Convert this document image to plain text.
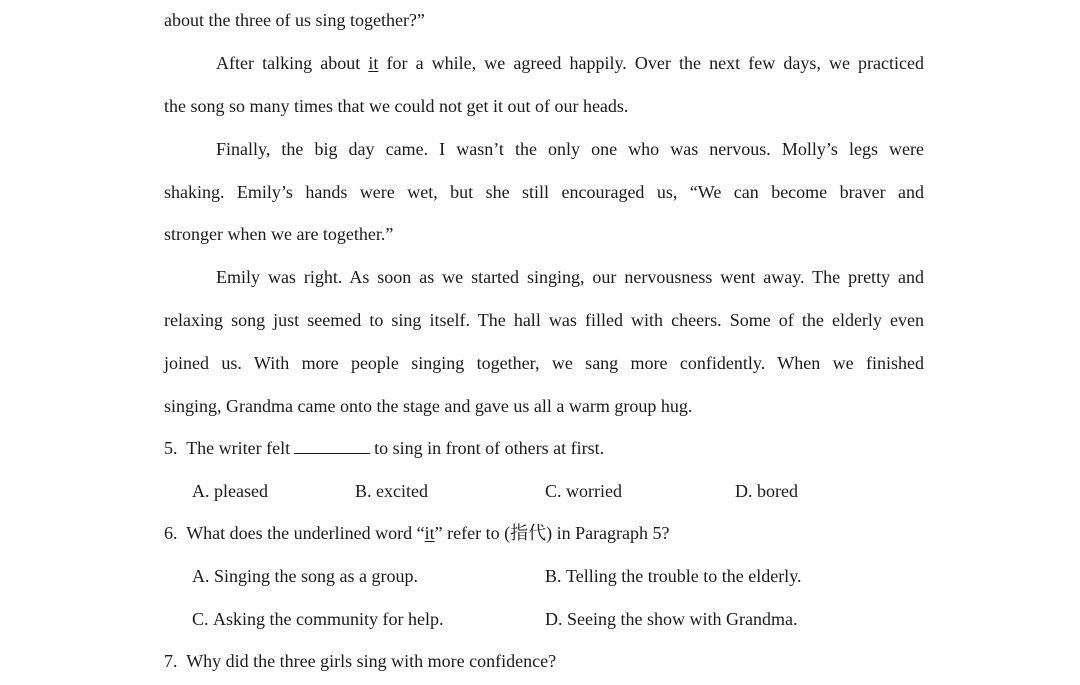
about the three of us sing together?”
After talking about it for a while, we agreed happily. Over the next few days, we practiced
the song so many times that we could not get it out of our heads.
Finally, the big day came. I wasn’t the only one who was nervous. Molly’s legs were
shaking. Emily’s hands were wet, but she still encouraged us, “We can become braver and
stronger when we are together.”
Emily was right. As soon as we started singing, our nervousness went away. The pretty and
relaxing song just seemed to sing itself. The hall was filled with cheers. Some of the elderly even
joined us. With more people singing together, we sang more confidently. When we finished
singing, Grandma came onto the stage and gave us all a warm group hug.
5. The writer felt	to sing in front of others at first.
A. pleased	B. excited	C. worried	D. bored
6. What does the underlined word “it” refer to (指代) in Paragraph 5?
A. Singing the song as a group.	B. Telling the trouble to the elderly.
C. Asking the community for help.	D. Seeing the show with Grandma.
7. Why did the three girls sing with more confidence?
